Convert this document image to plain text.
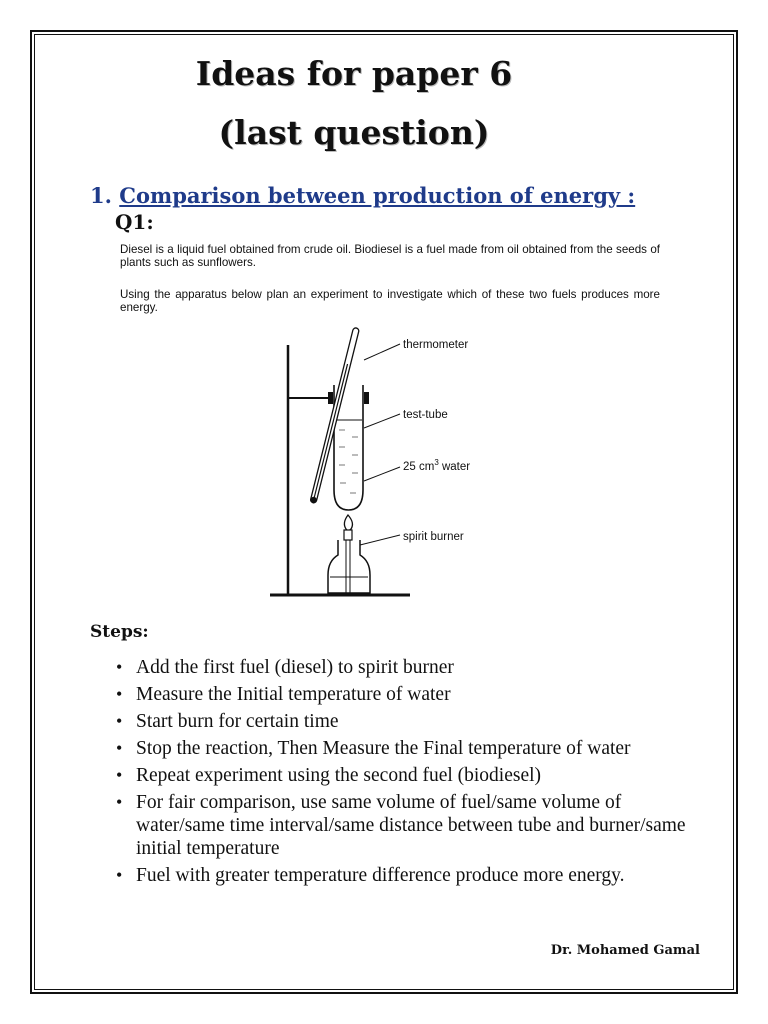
Ideas for paper 6
(last question)
1. Comparison between production of energy :
Q1:
Diesel is a liquid fuel obtained from crude oil. Biodiesel is a fuel made from oil obtained from the seeds of plants such as sunflowers.
Using the apparatus below plan an experiment to investigate which of these two fuels produces more energy.
thermometer
test-tube
25 $cm^3$ water
spirit burner
Steps:
• Add the first fuel (diesel) to spirit burner
• Measure the Initial temperature of water
• Start burn for certain time
• Stop the reaction, Then Measure the Final temperature of water
• Repeat experiment using the second fuel (biodiesel)
• For fair comparison, use same volume of fuel/same volume of water/same time interval/same distance between tube and burner/same initial temperature
• Fuel with greater temperature difference produce more energy.
Dr. Mohamed Gamal
